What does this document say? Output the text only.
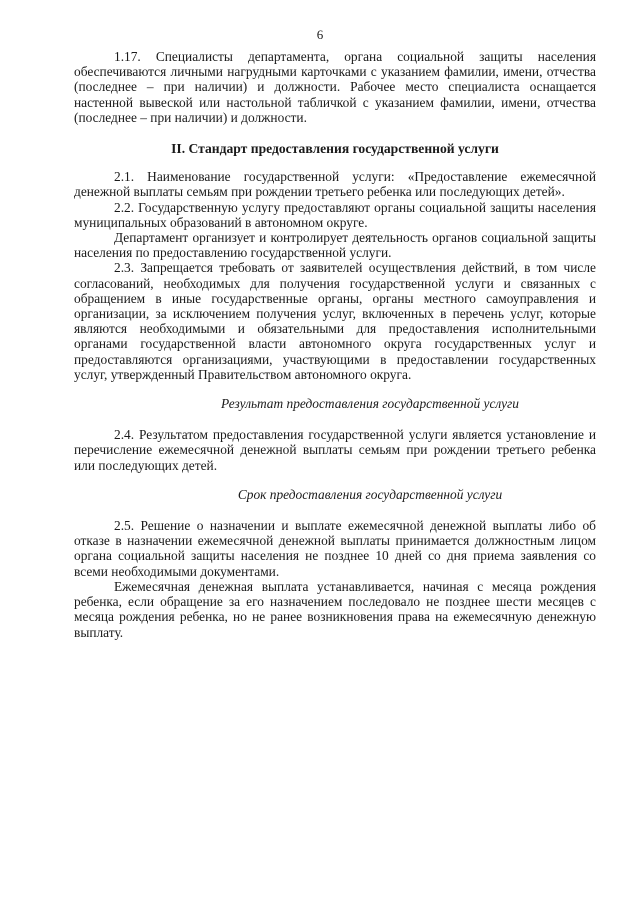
6

1.17. Специалисты департамента, органа социальной защиты населения обеспечиваются личными нагрудными карточками с указанием фамилии, имени, отчества (последнее – при наличии) и должности. Рабочее место специалиста оснащается настенной вывеской или настольной табличкой с указанием фамилии, имени, отчества (последнее – при наличии) и должности.

II. Стандарт предоставления государственной услуги

2.1. Наименование государственной услуги: «Предоставление ежемесячной денежной выплаты семьям при рождении третьего ребенка или последующих детей».

2.2. Государственную услугу предоставляют органы социальной защиты населения муниципальных образований в автономном округе.

Департамент организует и контролирует деятельность органов социальной защиты населения по предоставлению государственной услуги.

2.3. Запрещается требовать от заявителей осуществления действий, в том числе согласований, необходимых для получения государственной услуги и связанных с обращением в иные государственные органы, органы местного самоуправления и организации, за исключением получения услуг, включенных в перечень услуг, которые являются необходимыми и обязательными для предоставления исполнительными органами государственной власти автономного округа государственных услуг и предоставляются организациями, участвующими в предоставлении государственных услуг, утвержденный Правительством автономного округа.

Результат предоставления государственной услуги

2.4. Результатом предоставления государственной услуги является установление и перечисление ежемесячной денежной выплаты семьям при рождении третьего ребенка или последующих детей.

Срок предоставления государственной услуги

2.5. Решение о назначении и выплате ежемесячной денежной выплаты либо об отказе в назначении ежемесячной денежной выплаты принимается должностным лицом органа социальной защиты населения не позднее 10 дней со дня приема заявления со всеми необходимыми документами.

Ежемесячная денежная выплата устанавливается, начиная с месяца рождения ребенка, если обращение за его назначением последовало не позднее шести месяцев с месяца рождения ребенка, но не ранее возникновения права на ежемесячную денежную выплату.
